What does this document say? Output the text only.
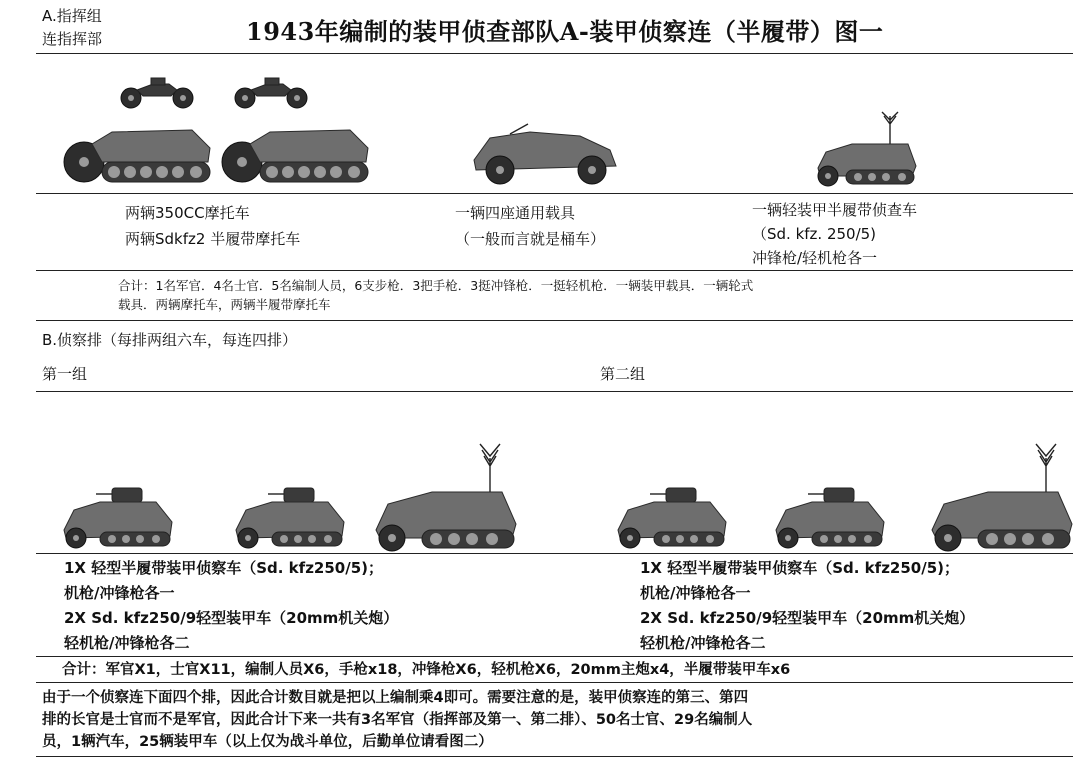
A.指挥组
连指挥部	1943年编制的装甲侦查部队A-装甲侦察连（半履带）图一
两辆350CC摩托车
两辆Sdkfz2 半履带摩托车
一辆四座通用载具
（一般而言就是桶车）
一辆轻装甲半履带侦查车
（Sd. kfz. 250/5)
冲锋枪/轻机枪各一
合计：1名军官．4名士官．5名编制人员，6支步枪．3把手枪．3挺冲锋枪．一挺轻机枪．一辆装甲载具．一辆轮式
载具．两辆摩托车，两辆半履带摩托车
B.侦察排（每排两组六车，每连四排）
第一组	第二组
1X 轻型半履带装甲侦察车（Sd. kfz250/5)；
机枪/冲锋枪各一
2X Sd. kfz250/9轻型装甲车（20mm机关炮）
轻机枪/冲锋枪各二
1X 轻型半履带装甲侦察车（Sd. kfz250/5)；
机枪/冲锋枪各一
2X Sd. kfz250/9轻型装甲车（20mm机关炮）
轻机枪/冲锋枪各二
合计：军官X1，士官X11，编制人员X6，手枪x18，冲锋枪X6，轻机枪X6，20mm主炮x4，半履带装甲车x6
由于一个侦察连下面四个排，因此合计数目就是把以上编制乘4即可。需要注意的是，装甲侦察连的第三、第四
排的长官是士官而不是军官，因此合计下来一共有3名军官（指挥部及第一、第二排）、50名士官、29名编制人
员，1辆汽车，25辆装甲车（以上仅为战斗单位，后勤单位请看图二）
